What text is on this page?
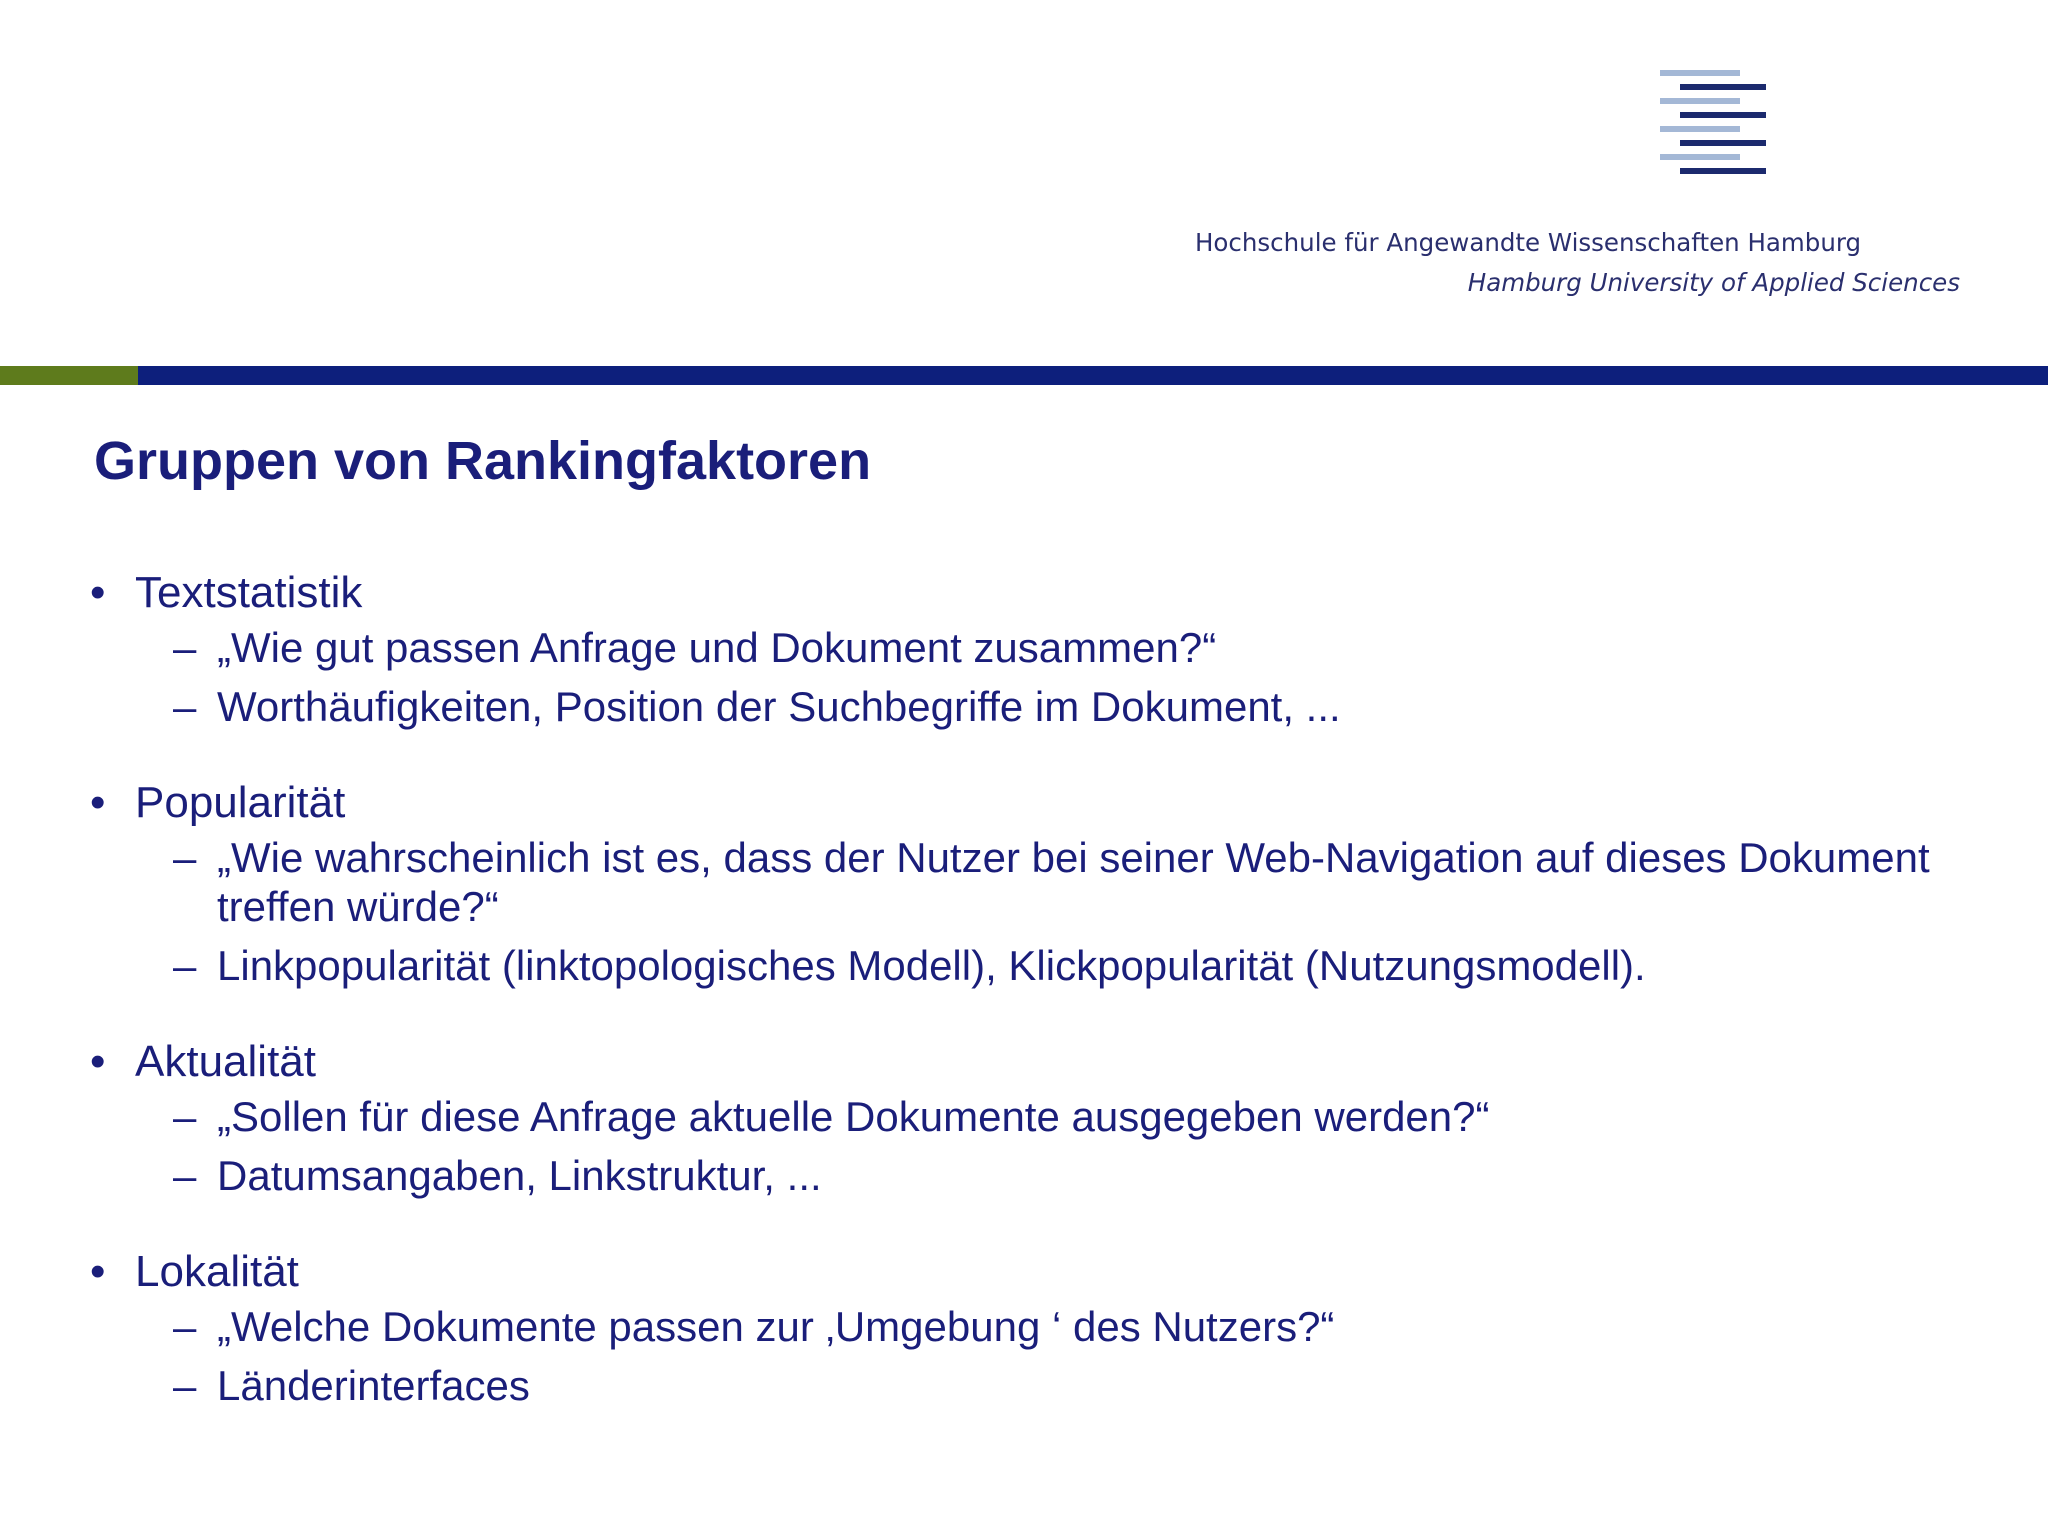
Hochschule für Angewandte Wissenschaften Hamburg
Hamburg University of Applied Sciences
Gruppen von Rankingfaktoren
• Textstatistik
– „Wie gut passen Anfrage und Dokument zusammen?“
– Worthäufigkeiten, Position der Suchbegriffe im Dokument, ...
• Popularität
– „Wie wahrscheinlich ist es, dass der Nutzer bei seiner Web-Navigation auf dieses Dokument treffen würde?“
– Linkpopularität (linktopologisches Modell), Klickpopularität (Nutzungsmodell).
• Aktualität
– „Sollen für diese Anfrage aktuelle Dokumente ausgegeben werden?“
– Datumsangaben, Linkstruktur, ...
• Lokalität
– „Welche Dokumente passen zur ‚Umgebung ‘ des Nutzers?“
– Länderinterfaces
